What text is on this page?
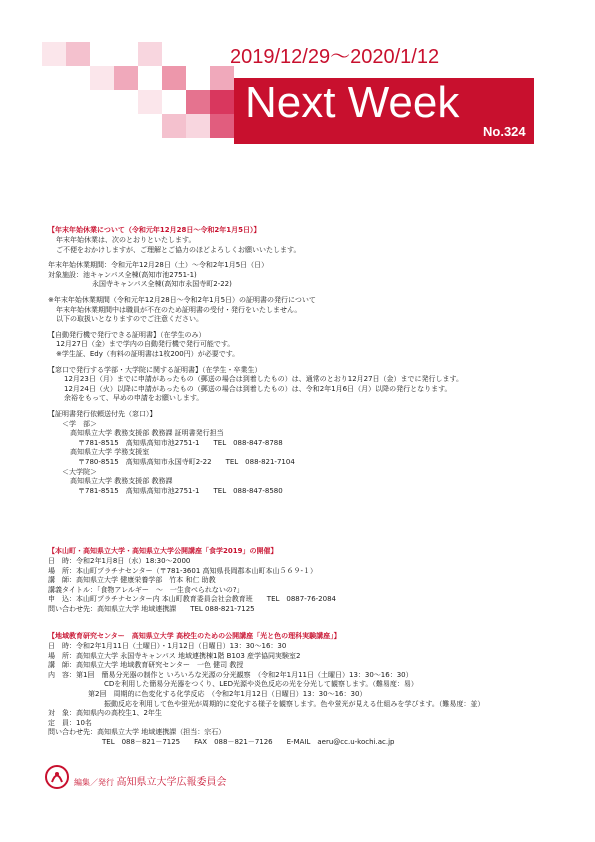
2019/12/29～2020/1/12
Next Week
No.324
【年末年始休業について（令和元年12月28日～令和2年1月5日）】
年末年始休業は、次のとおりといたします。
ご不便をおかけしますが、ご理解とご協力のほどよろしくお願いいたします。
年末年始休業期間：令和元年12月28日（土）～令和2年1月5日（日）
対象施設：池キャンパス全棟(高知市池2751-1)
永国寺キャンパス全棟(高知市永国寺町2-22)
※年末年始休業期間（令和元年12月28日～令和2年1月5日）の証明書の発行について
年末年始休業期間中は職員が不在のため証明書の受付・発行をいたしません。
以下の取扱いとなりますのでご注意ください。
【自動発行機で発行できる証明書】（在学生のみ）
12月27日（金）まで学内の自動発行機で発行可能です。
※学生証、Edy（有料の証明書は1枚200円）が必要です。
【窓口で発行する学部・大学院に関する証明書】（在学生・卒業生）
12月23日（月）までに申請があったもの（郵送の場合は到着したもの）は、通常のとおり12月27日（金）までに発行します。
12月24日（火）以降に申請があったもの（郵送の場合は到着したもの）は、令和2年1月6日（月）以降の発行となります。
余裕をもって、早めの申請をお願いします。
【証明書発行依頼送付先（窓口）】
＜学　部＞
高知県立大学 教務支援部 教務課 証明書発行担当
〒781-8515　高知県高知市池2751-1　　TEL　088-847-8788
高知県立大学 学務支援室
〒780-8515　高知県高知市永国寺町2-22　　TEL　088-821-7104
＜大学院＞
高知県立大学 教務支援部 教務課
〒781-8515　高知県高知市池2751-1　　TEL　088-847-8580
【本山町・高知県立大学・高知県立大学公開講座「食学2019」の開催】
日　時：令和2年1月8日（水）18:30～2000
場　所：本山町プラチナセンター（〒781-3601 高知県長岡郡本山町本山５６９-１）
講　師：高知県立大学 健康栄養学部　竹本 和仁 助教
講義タイトル：「食物アレルギー　～　一生食べられないの?」
申　込：本山町プラチナセンター内 本山町教育委員会社会教育班　　TEL　0887-76-2084
問い合わせ先：高知県立大学 地域連携課　　TEL 088-821-7125
【地域教育研究センター　高知県立大学 高校生のための公開講座「光と色の理科実験講座」】
日　時：令和2年1月11日（土曜日）・1月12日（日曜日）13：30～16：30
場　所：高知県立大学 永国寺キャンパス 地域連携棟1階 B103 産学協同実験室2
講　師：高知県立大学 地域教育研究センター　一色 健司 教授
内　容：第1回　簡易分光器の制作と いろいろな光源の分光観察　（令和2年1月11日（土曜日）13：30～16：30）
CDを利用した簡易分光器をつくり、LED光源や炎色反応の光を分光して観察します。（難易度：易）
第2回　周期的に色変化する化学反応　（令和2年1月12日（日曜日）13：30～16：30）
振動反応を利用して色や蛍光が周期的に変化する様子を観察します。色や蛍光が見える仕組みを学びます。（難易度：並）
対　象：高知県内の高校生1、2年生
定　員：10名
問い合わせ先：高知県立大学 地域連携課（担当：宗石）
TEL　088－821－7125　　FAX　088－821－7126　　E-MAIL　aeru@cc.u-kochi.ac.jp
編集／発行 高知県立大学広報委員会
